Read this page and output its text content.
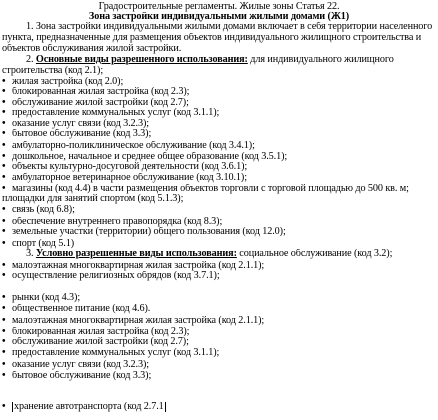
Градостроительные регламенты. Жилые зоны Статья 22.
Зона застройки индивидуальными жилыми домами (Ж1)
1. Зона застройки индивидуальными жилыми домами включает в себя территории населенного
пункта, предназначенные для размещения объектов индивидуального жилищного строительства и
объектов обслуживания жилой застройки.
2. Основные виды разрешенного использования: для индивидуального жилищного
строительства (код 2.1);
• жилая застройка (код 2.0);
• блокированная жилая застройка (код 2.3);
• обслуживание жилой застройки (код 2.7);
• предоставление коммунальных услуг (код 3.1.1);
• оказание услуг связи (код 3.2.3);
• бытовое обслуживание (код 3.3);
• амбулаторно-поликлиническое обслуживание (код 3.4.1);
• дошкольное, начальное и среднее общее образование (код 3.5.1);
• объекты культурно-досуговой деятельности (код 3.6.1);
• амбулаторное ветеринарное обслуживание (код 3.10.1);
• магазины (код 4.4) в части размещения объектов торговли с торговой площадью до 500 кв. м;
площадки для занятий спортом (код 5.1.3);
• связь (код 6.8);
• обеспечение внутреннего правопорядка (код 8.3);
• земельные участки (территории) общего пользования (код 12.0);
• спорт (код 5.1)
3. Условно разрешенные виды использования: социальное обслуживание (код 3.2);
• малоэтажная многоквартирная жилая застройка (код 2.1.1);
• осуществление религиозных обрядов (код 3.7.1);
• рынки (код 4.3);
• общественное питание (код 4.6).
• малоэтажная многоквартирная жилая застройка (код 2.1.1);
• блокированная жилая застройка (код 2.3);
• обслуживание жилой застройки (код 2.7);
• предоставление коммунальных услуг (код 3.1.1);
• оказание услуг связи (код 3.2.3);
• бытовое обслуживание (код 3.3);
• хранение автотранспорта (код 2.7.1
